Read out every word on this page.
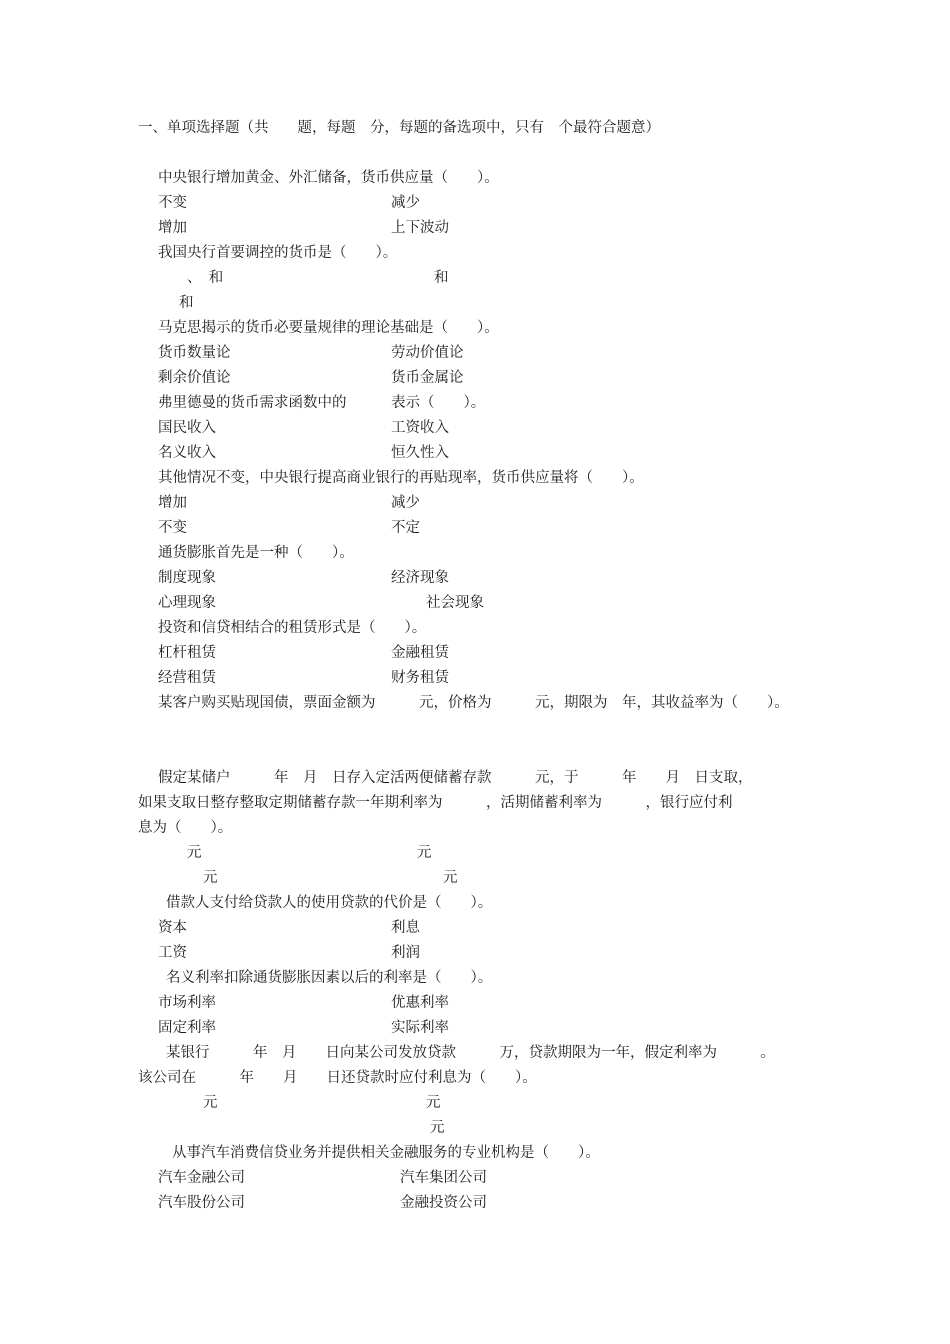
一、单项选择题（共　　题，每题　分，每题的备选项中，只有　个最符合题意）
中央银行增加黄金、外汇储备，货币供应量（　　）。
不变	减少
增加	上下波动
我国央行首要调控的货币是（　　）。
、　和	和
和
马克思揭示的货币必要量规律的理论基础是（　　）。
货币数量论	劳动价值论
剩余价值论	货币金属论
弗里德曼的货币需求函数中的	表示（　　）。
国民收入	工资收入
名义收入	恒久性入
其他情况不变，中央银行提高商业银行的再贴现率，货币供应量将（　　）。
增加	减少
不变	不定
通货膨胀首先是一种（　　）。
制度现象	经济现象
心理现象	社会现象
投资和信贷相结合的租赁形式是（　　）。
杠杆租赁	金融租赁
经营租赁	财务租赁
某客户购买贴现国债，票面金额为　　　元，价格为　　　元，期限为　年，其收益率为（　　）。
假定某储户　　　年　月　日存入定活两便储蓄存款　　　元，于　　　年　　月　日支取，
如果支取日整存整取定期储蓄存款一年期利率为　　　，活期储蓄利率为　　　，银行应付利
息为（　　）。
元	元
元	元
借款人支付给贷款人的使用贷款的代价是（　　）。
资本	利息
工资	利润
名义利率扣除通货膨胀因素以后的利率是（　　）。
市场利率	优惠利率
固定利率	实际利率
某银行　　　年　月　　日向某公司发放贷款　　　万，贷款期限为一年，假定利率为　　　。
该公司在　　　年　　月　　日还贷款时应付利息为（　　）。
元	元
元
从事汽车消费信贷业务并提供相关金融服务的专业机构是（　　）。
汽车金融公司	汽车集团公司
汽车股份公司	金融投资公司
